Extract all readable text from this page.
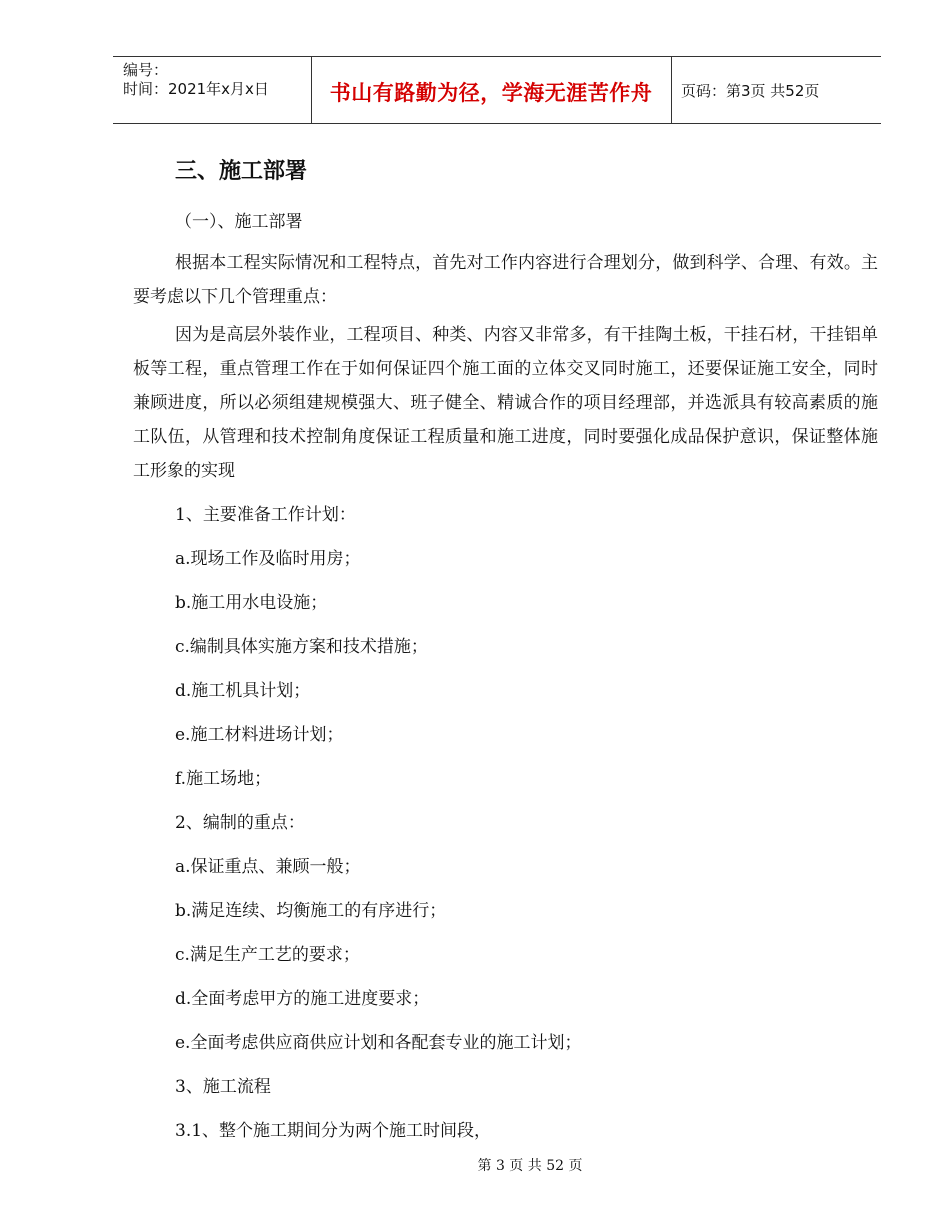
编号：
时间：2021年x月x日	书山有路勤为径，学海无涯苦作舟	页码：第3页 共52页
三、施工部署
（一）、施工部署

根据本工程实际情况和工程特点，首先对工作内容进行合理划分，做到科学、合理、有效。主要考虑以下几个管理重点：

因为是高层外装作业，工程项目、种类、内容又非常多，有干挂陶土板，干挂石材，干挂铝单板等工程，重点管理工作在于如何保证四个施工面的立体交叉同时施工，还要保证施工安全，同时兼顾进度，所以必须组建规模强大、班子健全、精诚合作的项目经理部，并选派具有较高素质的施工队伍，从管理和技术控制角度保证工程质量和施工进度，同时要强化成品保护意识，保证整体施工形象的实现

1、主要准备工作计划：
a.现场工作及临时用房；
b.施工用水电设施；
c.编制具体实施方案和技术措施；
d.施工机具计划；
e.施工材料进场计划；
f.施工场地；
2、编制的重点：
a.保证重点、兼顾一般；
b.满足连续、均衡施工的有序进行；
c.满足生产工艺的要求；
d.全面考虑甲方的施工进度要求；
e.全面考虑供应商供应计划和各配套专业的施工计划；
3、施工流程
3.1、整个施工期间分为两个施工时间段，
第 3 页 共 52 页
